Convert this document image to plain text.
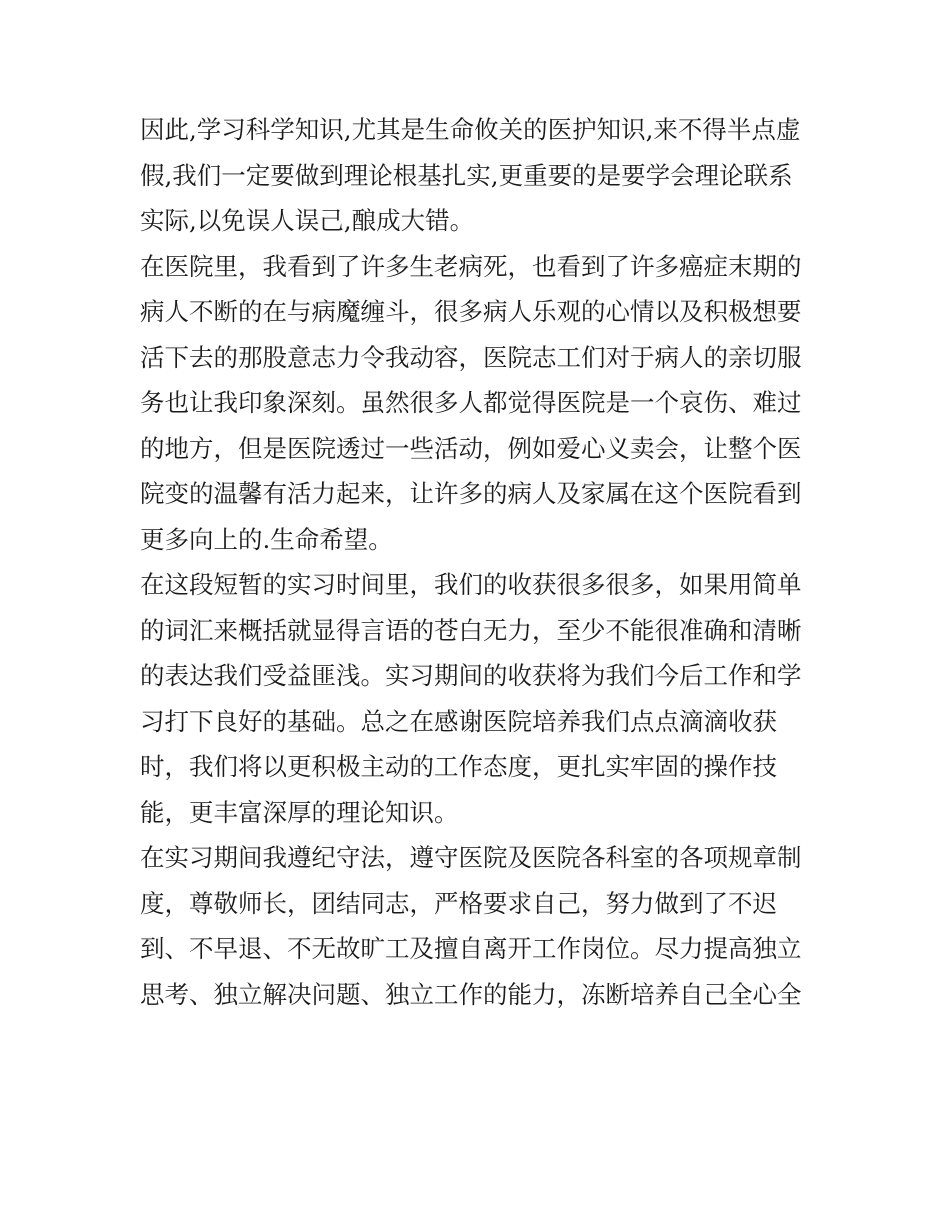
因此,学习科学知识,尤其是生命攸关的医护知识,来不得半点虚
假,我们一定要做到理论根基扎实,更重要的是要学会理论联系
实际,以免误人误己,酿成大错。
在医院里，我看到了许多生老病死，也看到了许多癌症末期的
病人不断的在与病魔缠斗，很多病人乐观的心情以及积极想要
活下去的那股意志力令我动容，医院志工们对于病人的亲切服
务也让我印象深刻。虽然很多人都觉得医院是一个哀伤、难过
的地方，但是医院透过一些活动，例如爱心义卖会，让整个医
院变的温馨有活力起来，让许多的病人及家属在这个医院看到
更多向上的.生命希望。
在这段短暂的实习时间里，我们的收获很多很多，如果用简单
的词汇来概括就显得言语的苍白无力，至少不能很准确和清晰
的表达我们受益匪浅。实习期间的收获将为我们今后工作和学
习打下良好的基础。总之在感谢医院培养我们点点滴滴收获
时，我们将以更积极主动的工作态度，更扎实牢固的操作技
能，更丰富深厚的理论知识。
在实习期间我遵纪守法，遵守医院及医院各科室的各项规章制
度，尊敬师长，团结同志，严格要求自己，努力做到了不迟
到、不早退、不无故旷工及擅自离开工作岗位。尽力提高独立
思考、独立解决问题、独立工作的能力，冻断培养自己全心全
